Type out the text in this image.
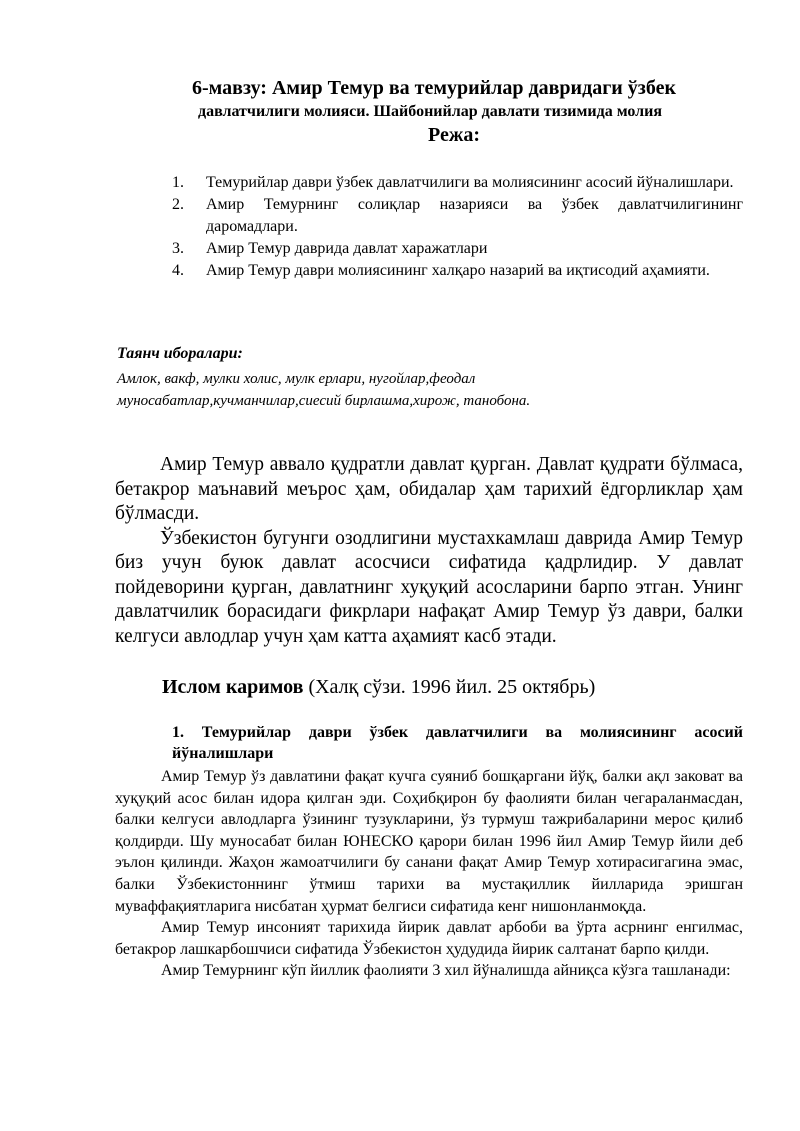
6-мавзу: Амир Темур ва темурийлар давридаги ўзбек
давлатчилиги молияси. Шайбонийлар давлати тизимида молия
Режа:
1. Темурийлар даври ўзбек давлатчилиги ва молиясининг асосий йўналишлари.
2. Амир Темурнинг солиқлар назарияси ва ўзбек давлатчилигининг даромадлари.
3. Амир Темур даврида давлат харажатлари
4. Амир Темур даври молиясининг халқаро назарий ва иқтисодий аҳамияти.
Таянч иборалари:
Амлок, вакф, мулки холис, мулк ерлари, нугойлар,феодал муносабатлар,кучманчилар,сиесий бирлашма,хирож, танобона.

Амир Темур аввало қудратли давлат қурган. Давлат қудрати бўлмаса, бетакрор маънавий меърос ҳам, обидалар ҳам тарихий ёдгорликлар ҳам бўлмасди.

Ўзбекистон бугунги озодлигини мустахкамлаш даврида Амир Темур биз учун буюк давлат асосчиси сифатида қадрлидир. У давлат пойдеворини қурган, давлатнинг хуқуқий асосларини барпо этган. Унинг давлатчилик борасидаги фикрлари нафақат Амир Темур ўз даври, балки келгуси авлодлар учун ҳам катта аҳамият касб этади.

Ислом каримов (Халқ сўзи. 1996 йил. 25 октябрь)
1. Темурийлар даври ўзбек давлатчилиги ва молиясининг асосий йўналишлари

Амир Темур ўз давлатини фақат кучга суяниб бошқаргани йўқ, балки ақл заковат ва хуқуқий асос билан идора қилган эди. Соҳибқирон бу фаолияти билан чегараланмасдан, балки келгуси авлодларга ўзининг тузукларини, ўз турмуш тажрибаларини мерос қилиб қолдирди. Шу муносабат билан ЮНЕСКО қарори билан 1996 йил Амир Темур йили деб эълон қилинди. Жаҳон жамоатчилиги бу санани фақат Амир Темур хотирасигагина эмас, балки Ўзбекистоннинг ўтмиш тарихи ва мустақиллик йилларида эришган муваффақиятларига нисбатан ҳурмат белгиси сифатида кенг нишонланмоқда.

Амир Темур инсоният тарихида йирик давлат арбоби ва ўрта асрнинг енгилмас, бетакрор лашкарбошчиси сифатида Ўзбекистон ҳудудида йирик салтанат барпо қилди.

Амир Темурнинг кўп йиллик фаолияти 3 хил йўналишда айниқса кўзга ташланади:
